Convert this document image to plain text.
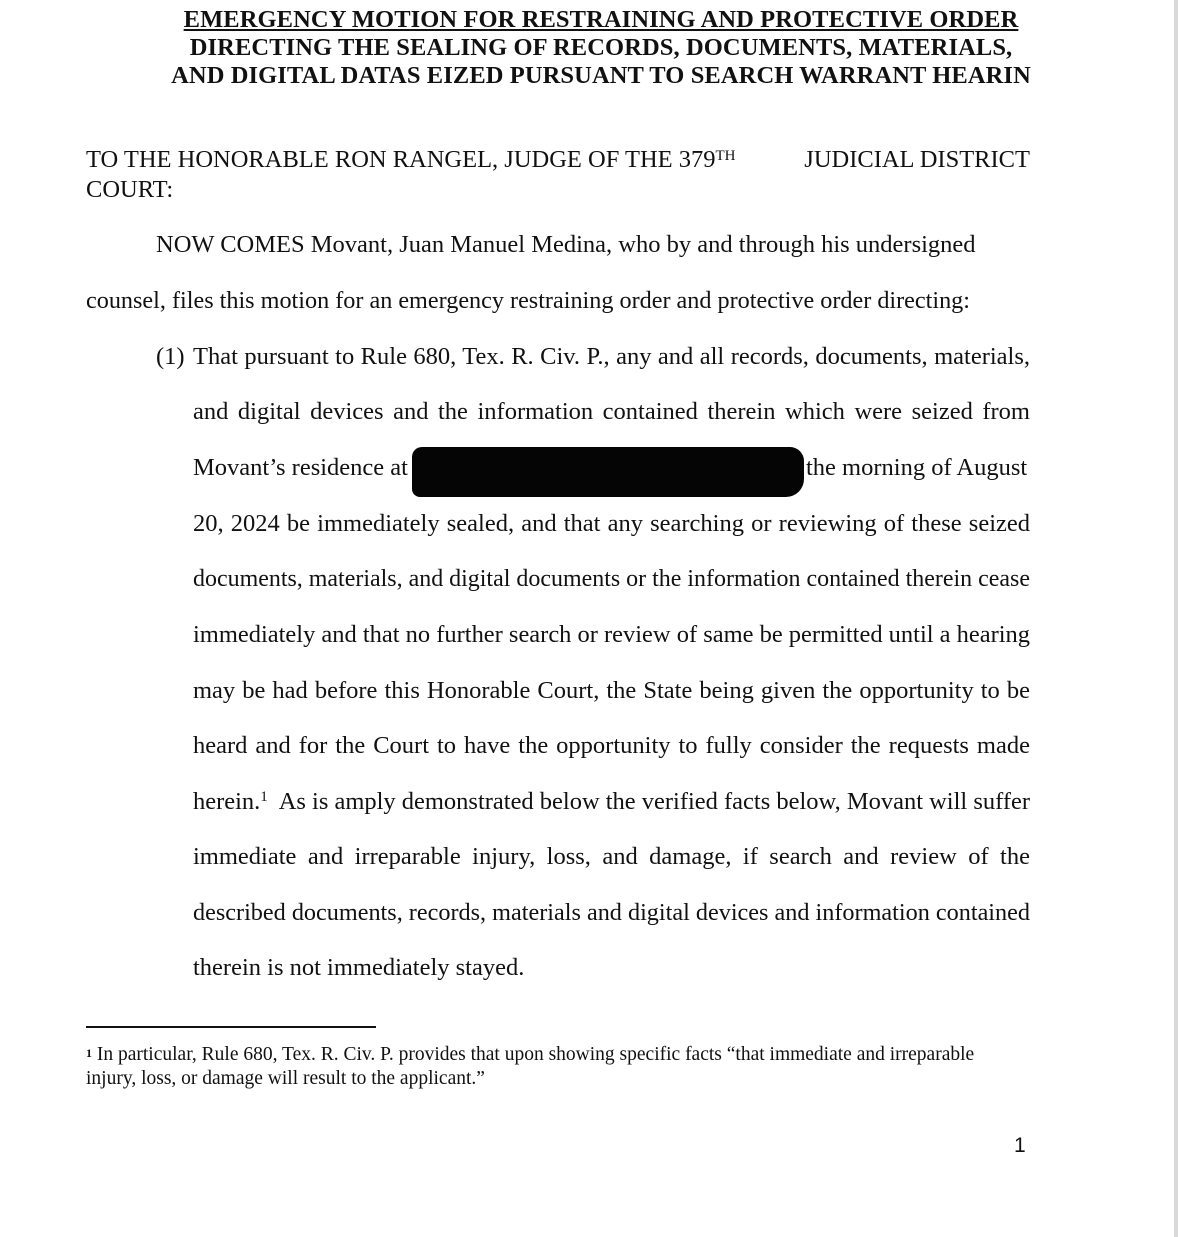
EMERGENCY MOTION FOR RESTRAINING AND PROTECTIVE ORDER
DIRECTING THE SEALING OF RECORDS, DOCUMENTS, MATERIALS,
AND DIGITAL DATAS EIZED PURSUANT TO SEARCH WARRANT HEARIN
TO THE HONORABLE RON RANGEL, JUDGE OF THE 379TH	JUDICIAL DISTRICT
COURT:
NOW COMES Movant, Juan Manuel Medina, who by and through his undersigned
counsel, files this motion for an emergency restraining order and protective order directing:
(1) That pursuant to Rule 680, Tex. R. Civ. P., any and all records, documents, materials,
and digital devices and the information contained therein which were seized from
Movant’s residence at	the morning of August
20, 2024 be immediately sealed, and that any searching or reviewing of these seized
documents, materials, and digital documents or the information contained therein cease
immediately and that no further search or review of same be permitted until a hearing
may be had before this Honorable Court, the State being given the opportunity to be
heard and for the Court to have the opportunity to fully consider the requests made
herein.$^1$ As is amply demonstrated below the verified facts below, Movant will suffer
immediate and irreparable injury, loss, and damage, if search and review of the
described documents, records, materials and digital devices and information contained
therein is not immediately stayed.
$^1$ In particular, Rule 680, Tex. R. Civ. P. provides that upon showing specific facts “that immediate and irreparable
injury, loss, or damage will result to the applicant.”
1
